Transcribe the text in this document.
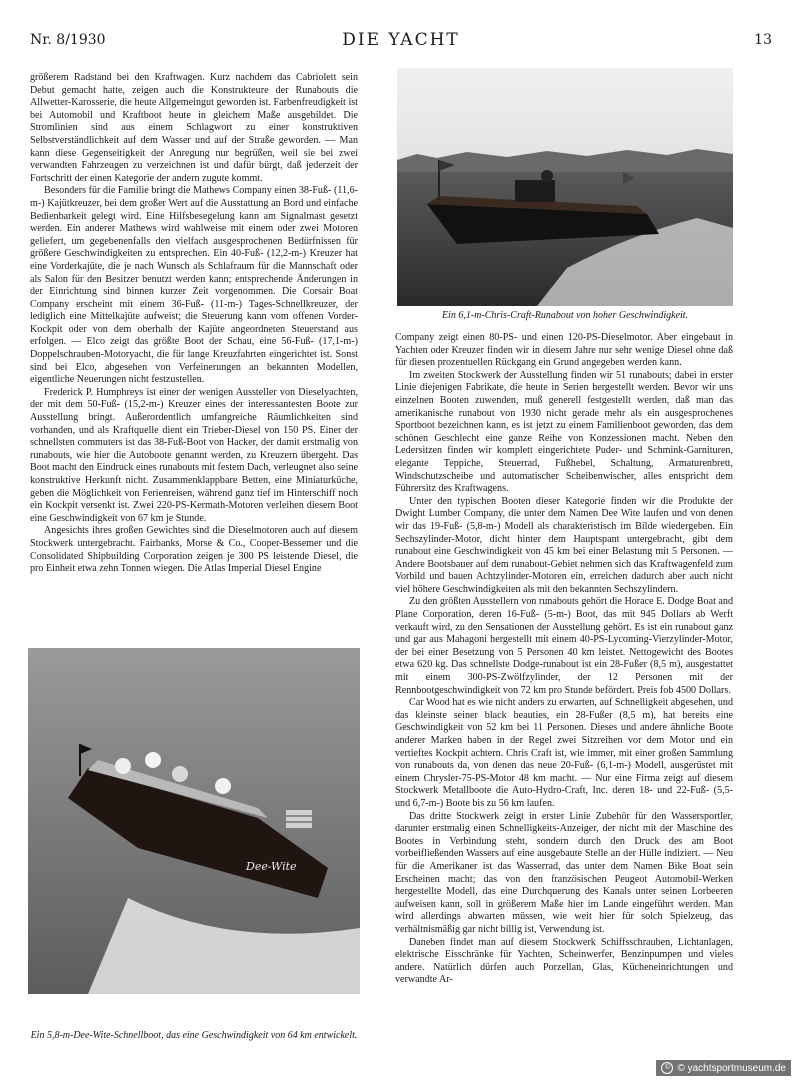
Nr. 8/1930	DIE YACHT	13

größerem Radstand bei den Kraftwagen. Kurz nachdem das Cabriolett sein Debut gemacht hatte, zeigen auch die Konstrukteure der Runabouts die Allwetter-Karosserie, die heute Allgemeingut geworden ist. Farbenfreudigkeit ist bei Automobil und Kraftboot heute in gleichem Maße ausgebildet. Die Stromlinien sind aus einem Schlagwort zu einer konstruktiven Selbstverständlichkeit auf dem Wasser und auf der Straße geworden. — Man kann diese Gegenseitigkeit der Anregung nur begrüßen, weil sie bei zwei verwandten Fahrzeugen zu verzeichnen ist und dafür bürgt, daß jederzeit der Fortschritt der einen Kategorie der andern zugute kommt.

Besonders für die Familie bringt die Mathews Company einen 38-Fuß- (11,6-m-) Kajütkreuzer, bei dem großer Wert auf die Ausstattung an Bord und einfache Bedienbarkeit gelegt wird. Eine Hilfsbesegelung kann am Signalmast gesetzt werden. Ein anderer Mathews wird wahlweise mit einem oder zwei Motoren geliefert, um gegebenenfalls den vielfach ausgesprochenen Bedürfnissen für größere Geschwindigkeiten zu entsprechen. Ein 40-Fuß- (12,2-m-) Kreuzer hat eine Vorderkajüte, die je nach Wunsch als Schlafraum für die Mannschaft oder als Salon für den Besitzer benutzt werden kann; entsprechende Änderungen in der Einrichtung sind binnen kurzer Zeit vorgenommen. Die Corsair Boat Company erscheint mit einem 36-Fuß- (11-m-) Tages-Schnellkreuzer, der lediglich eine Mittelkajüte aufweist; die Steuerung kann vom offenen Vorder-Kockpit oder von dem oberhalb der Kajüte angeordneten Steuerstand aus erfolgen. — Elco zeigt das größte Boot der Schau, eine 56-Fuß- (17,1-m-) Doppelschrauben-Motoryacht, die für lange Kreuzfahrten eingerichtet ist. Sonst sind bei Elco, abgesehen von Verfeinerungen an bekannten Modellen, eigentliche Neuerungen nicht festzustellen.

Frederick P. Humphreys ist einer der wenigen Aussteller von Dieselyachten, der mit dem 50-Fuß- (15,2-m-) Kreuzer eines der interessantesten Boote zur Ausstellung bringt. Außerordentlich umfangreiche Räumlichkeiten sind vorhanden, und als Kraftquelle dient ein Trieber-Diesel von 150 PS. Einer der schnellsten commuters ist das 38-Fuß-Boot von Hacker, der damit erstmalig von runabouts, wie hier die Autoboote genannt werden, zu Kreuzern übergeht. Das Boot macht den Eindruck eines runabouts mit festem Dach, verleugnet also seine konstruktive Herkunft nicht. Zusammenklappbare Betten, eine Miniaturküche, geben die Möglichkeit von Ferienreisen, während ganz tief im Hinterschiff noch ein Kockpit versenkt ist. Zwei 220-PS-Kermath-Motoren verleihen diesem Boot eine Geschwindigkeit von 67 km je Stunde.

Angesichts ihres großen Gewichtes sind die Dieselmotoren auch auf diesem Stockwerk untergebracht. Fairbanks, Morse & Co., Cooper-Bessemer und die Consolidated Shipbuilding Corporation zeigen je 300 PS leistende Diesel, die pro Einheit etwa zehn Tonnen wiegen. Die Atlas Imperial Diesel Engine

Ein 6,1-m-Chris-Craft-Runabout von hoher Geschwindigkeit.

Company zeigt einen 80-PS- und einen 120-PS-Dieselmotor. Aber eingebaut in Yachten oder Kreuzer finden wir in diesem Jahre nur sehr wenige Diesel ohne daß für diesen prozentuellen Rückgang ein Grund angegeben werden kann.

Im zweiten Stockwerk der Ausstellung finden wir 51 runabouts; dabei in erster Linie diejenigen Fabrikate, die heute in Serien hergestellt werden. Bevor wir uns einzelnen Booten zuwenden, muß generell festgestellt werden, daß man das amerikanische runabout von 1930 nicht gerade mehr als ein ausgesprochenes Sportboot bezeichnen kann, es ist jetzt zu einem Familienboot geworden, das dem schönen Geschlecht eine ganze Reihe von Konzessionen macht. Neben den Ledersitzen finden wir komplett eingerichtete Puder- und Schmink-Garnituren, elegante Teppiche, Steuerrad, Fußhebel, Schaltung, Armaturenbrett, Windschutzscheibe und automatischer Scheibenwischer, alles entspricht dem Führersitz des Kraftwagens.

Unter den typischen Booten dieser Kategorie finden wir die Produkte der Dwight Lumber Company, die unter dem Namen Dee Wite laufen und von denen wir das 19-Fuß- (5,8-m-) Modell als charakteristisch im Bilde wiedergeben. Ein Sechszylinder-Motor, dicht hinter dem Hauptspant untergebracht, gibt dem runabout eine Geschwindigkeit von 45 km bei einer Belastung mit 5 Personen. — Andere Bootsbauer auf dem runabout-Gebiet nehmen sich das Kraftwagenfeld zum Vorbild und bauen Achtzylinder-Motoren ein, erreichen dadurch aber auch nicht viel höhere Geschwindigkeiten als mit den bekannten Sechszylindern.

Zu den größten Ausstellern von runabouts gehört die Horace E. Dodge Boat and Plane Corporation, deren 16-Fuß- (5-m-) Boot, das mit 945 Dollars ab Werft verkauft wird, zu den Sensationen der Ausstellung gehört. Es ist ein runabout ganz und gar aus Mahagoni hergestellt mit einem 40-PS-Lycoming-Vierzylinder-Motor, der bei einer Besetzung von 5 Personen 40 km leistet. Nettogewicht des Bootes etwa 620 kg. Das schnellste Dodge-runabout ist ein 28-Fußer (8,5 m), ausgestattet mit einem 300-PS-Zwölfzylinder, der 12 Personen mit der Rennbootgeschwindigkeit von 72 km pro Stunde befördert. Preis fob 4500 Dollars.

Car Wood hat es wie nicht anders zu erwarten, auf Schnelligkeit abgesehen, und das kleinste seiner black beauties, ein 28-Fußer (8,5 m), hat bereits eine Geschwindigkeit von 52 km bei 11 Personen. Dieses und andere ähnliche Boote anderer Marken haben in der Regel zwei Sitzreihen vor dem Motor und ein vertieftes Kockpit achtern. Chris Craft ist, wie immer, mit einer großen Sammlung von runabouts da, von denen das neue 20-Fuß- (6,1-m-) Modell, ausgerüstet mit einem Chrysler-75-PS-Motor 48 km macht. — Nur eine Firma zeigt auf diesem Stockwerk Metallboote die Auto-Hydro-Craft, Inc. deren 18- und 22-Fuß- (5,5- und 6,7-m-) Boote bis zu 56 km laufen.

Das dritte Stockwerk zeigt in erster Linie Zubehör für den Wassersportler, darunter erstmalig einen Schnelligkeits-Anzeiger, der nicht mit der Maschine des Bootes in Verbindung steht, sondern durch den Druck des am Boot vorbeifließenden Wassers auf eine ausgebaute Stelle an der Hülle indiziert. — Neu für die Amerikaner ist das Wasserrad, das unter dem Namen Bike Boat sein Erscheinen macht; das von den französischen Peugeot Automobil-Werken hergestellte Modell, das eine Durchquerung des Kanals unter seinen Lorbeeren aufweisen kann, soll in größerem Maße hier im Lande eingeführt werden. Man wird allerdings abwarten müssen, wie weit hier für solch Spielzeug, das verhältnismäßig gar nicht billig ist, Verwendung ist.

Daneben findet man auf diesem Stockwerk Schiffsschrauben, Lichtanlagen, elektrische Eisschränke für Yachten, Scheinwerfer, Benzinpumpen und vieles andere. Natürlich dürfen auch Porzellan, Glas, Kücheneinrichtungen und verwandte Ar-

Dee-Wite
Ein 5,8-m-Dee-Wite-Schnellboot, das eine Geschwindigkeit von 64 km entwickelt.
© © yachtsportmuseum.de
